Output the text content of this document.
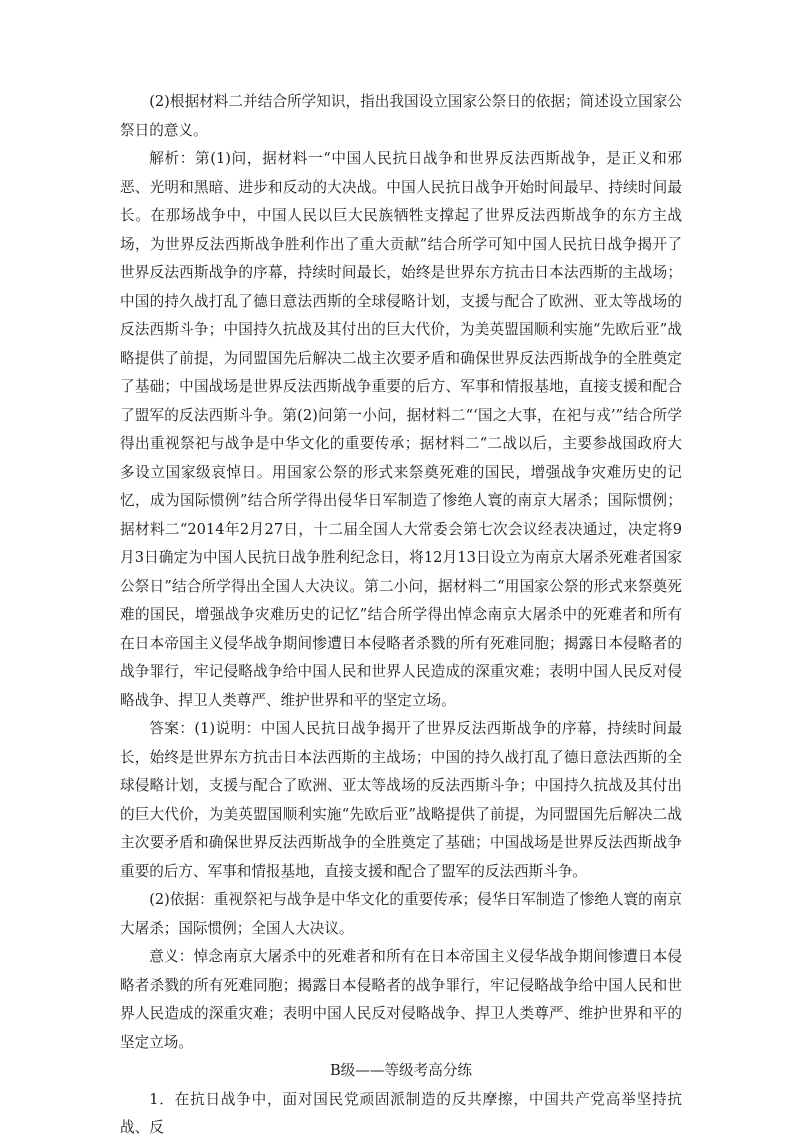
(2)根据材料二并结合所学知识，指出我国设立国家公祭日的依据；简述设立国家公祭日的意义。

解析：第(1)问，据材料一“中国人民抗日战争和世界反法西斯战争，是正义和邪恶、光明和黑暗、进步和反动的大决战。中国人民抗日战争开始时间最早、持续时间最长。在那场战争中，中国人民以巨大民族牺牲支撑起了世界反法西斯战争的东方主战场，为世界反法西斯战争胜利作出了重大贡献”结合所学可知中国人民抗日战争揭开了世界反法西斯战争的序幕，持续时间最长，始终是世界东方抗击日本法西斯的主战场；中国的持久战打乱了德日意法西斯的全球侵略计划，支援与配合了欧洲、亚太等战场的反法西斯斗争；中国持久抗战及其付出的巨大代价，为美英盟国顺利实施“先欧后亚”战略提供了前提，为同盟国先后解决二战主次要矛盾和确保世界反法西斯战争的全胜奠定了基础；中国战场是世界反法西斯战争重要的后方、军事和情报基地，直接支援和配合了盟军的反法西斯斗争。第(2)问第一小问，据材料二“‘国之大事，在祀与戎’”结合所学得出重视祭祀与战争是中华文化的重要传承；据材料二“二战以后，主要参战国政府大多设立国家级哀悼日。用国家公祭的形式来祭奠死难的国民，增强战争灾难历史的记忆，成为国际惯例”结合所学得出侵华日军制造了惨绝人寰的南京大屠杀；国际惯例；据材料二“2014年2月27日，十二届全国人大常委会第七次会议经表决通过，决定将9月3日确定为中国人民抗日战争胜利纪念日，将12月13日设立为南京大屠杀死难者国家公祭日”结合所学得出全国人大决议。第二小问，据材料二“用国家公祭的形式来祭奠死难的国民，增强战争灾难历史的记忆”结合所学得出悼念南京大屠杀中的死难者和所有在日本帝国主义侵华战争期间惨遭日本侵略者杀戮的所有死难同胞；揭露日本侵略者的战争罪行，牢记侵略战争给中国人民和世界人民造成的深重灾难；表明中国人民反对侵略战争、捍卫人类尊严、维护世界和平的坚定立场。

答案：(1)说明：中国人民抗日战争揭开了世界反法西斯战争的序幕，持续时间最长，始终是世界东方抗击日本法西斯的主战场；中国的持久战打乱了德日意法西斯的全球侵略计划，支援与配合了欧洲、亚太等战场的反法西斯斗争；中国持久抗战及其付出的巨大代价，为美英盟国顺利实施“先欧后亚”战略提供了前提，为同盟国先后解决二战主次要矛盾和确保世界反法西斯战争的全胜奠定了基础；中国战场是世界反法西斯战争重要的后方、军事和情报基地，直接支援和配合了盟军的反法西斯斗争。

(2)依据：重视祭祀与战争是中华文化的重要传承；侵华日军制造了惨绝人寰的南京大屠杀；国际惯例；全国人大决议。

意义：悼念南京大屠杀中的死难者和所有在日本帝国主义侵华战争期间惨遭日本侵略者杀戮的所有死难同胞；揭露日本侵略者的战争罪行，牢记侵略战争给中国人民和世界人民造成的深重灾难；表明中国人民反对侵略战争、捍卫人类尊严、维护世界和平的坚定立场。

B级——等级考高分练

1．在抗日战争中，面对国民党顽固派制造的反共摩擦，中国共产党高举坚持抗战、反
